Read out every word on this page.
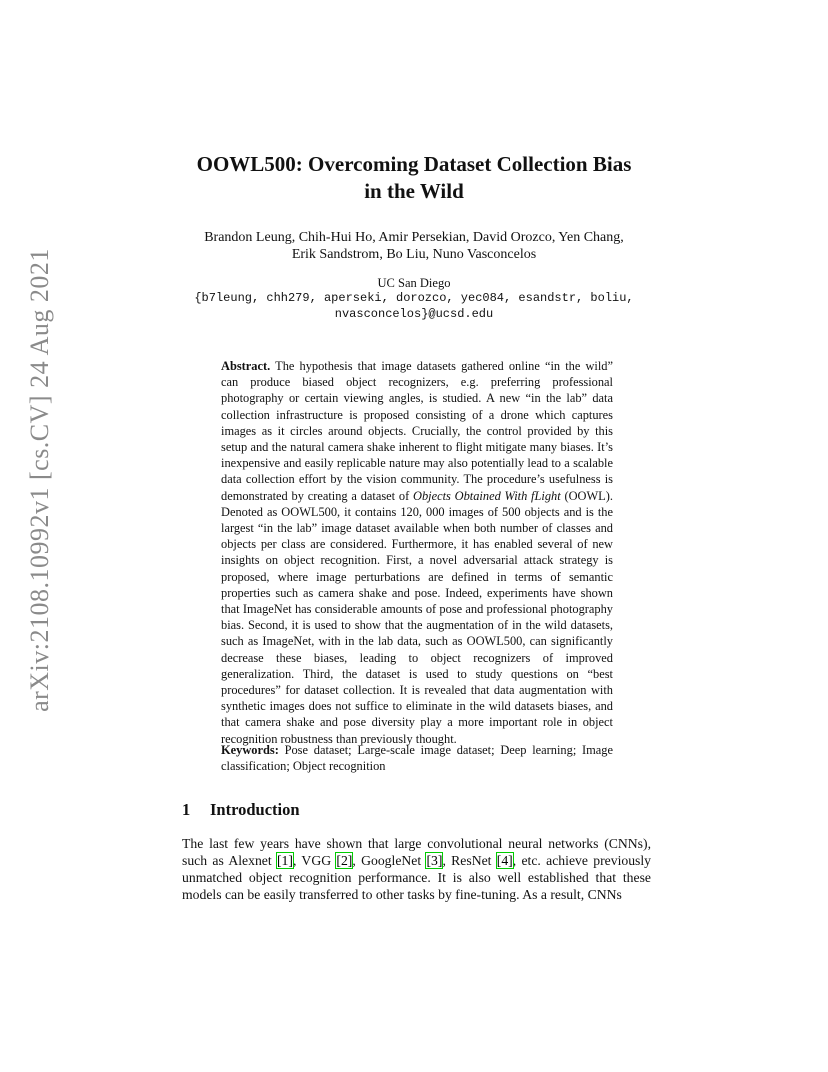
arXiv:2108.10992v1 [cs.CV] 24 Aug 2021
OOWL500: Overcoming Dataset Collection Bias
in the Wild
Brandon Leung, Chih-Hui Ho, Amir Persekian, David Orozco, Yen Chang,
Erik Sandstrom, Bo Liu, Nuno Vasconcelos
UC San Diego
{b7leung, chh279, aperseki, dorozco, yec084, esandstr, boliu,
nvasconcelos}@ucsd.edu
Abstract. The hypothesis that image datasets gathered online “in the wild” can produce biased object recognizers, e.g. preferring professional photography or certain viewing angles, is studied. A new “in the lab” data collection infrastructure is proposed consisting of a drone which captures images as it circles around objects. Crucially, the control provided by this setup and the natural camera shake inherent to flight mitigate many biases. It’s inexpensive and easily replicable nature may also potentially lead to a scalable data collection effort by the vision community. The procedure’s usefulness is demonstrated by creating a dataset of Objects Obtained With fLight (OOWL). Denoted as OOWL500, it contains 120, 000 images of 500 objects and is the largest “in the lab” image dataset available when both number of classes and objects per class are considered. Furthermore, it has enabled several of new insights on object recognition. First, a novel adversarial attack strategy is proposed, where image perturbations are defined in terms of semantic properties such as camera shake and pose. Indeed, experiments have shown that ImageNet has considerable amounts of pose and professional photography bias. Second, it is used to show that the augmentation of in the wild datasets, such as ImageNet, with in the lab data, such as OOWL500, can significantly decrease these biases, leading to object recognizers of improved generalization. Third, the dataset is used to study questions on “best procedures” for dataset collection. It is revealed that data augmentation with synthetic images does not suffice to eliminate in the wild datasets biases, and that camera shake and pose diversity play a more important role in object recognition robustness than previously thought.
Keywords: Pose dataset; Large-scale image dataset; Deep learning; Image classification; Object recognition
1 Introduction
The last few years have shown that large convolutional neural networks (CNNs), such as Alexnet [1], VGG [2], GoogleNet [3], ResNet [4], etc. achieve previously unmatched object recognition performance. It is also well established that these models can be easily transferred to other tasks by fine-tuning. As a result, CNNs
